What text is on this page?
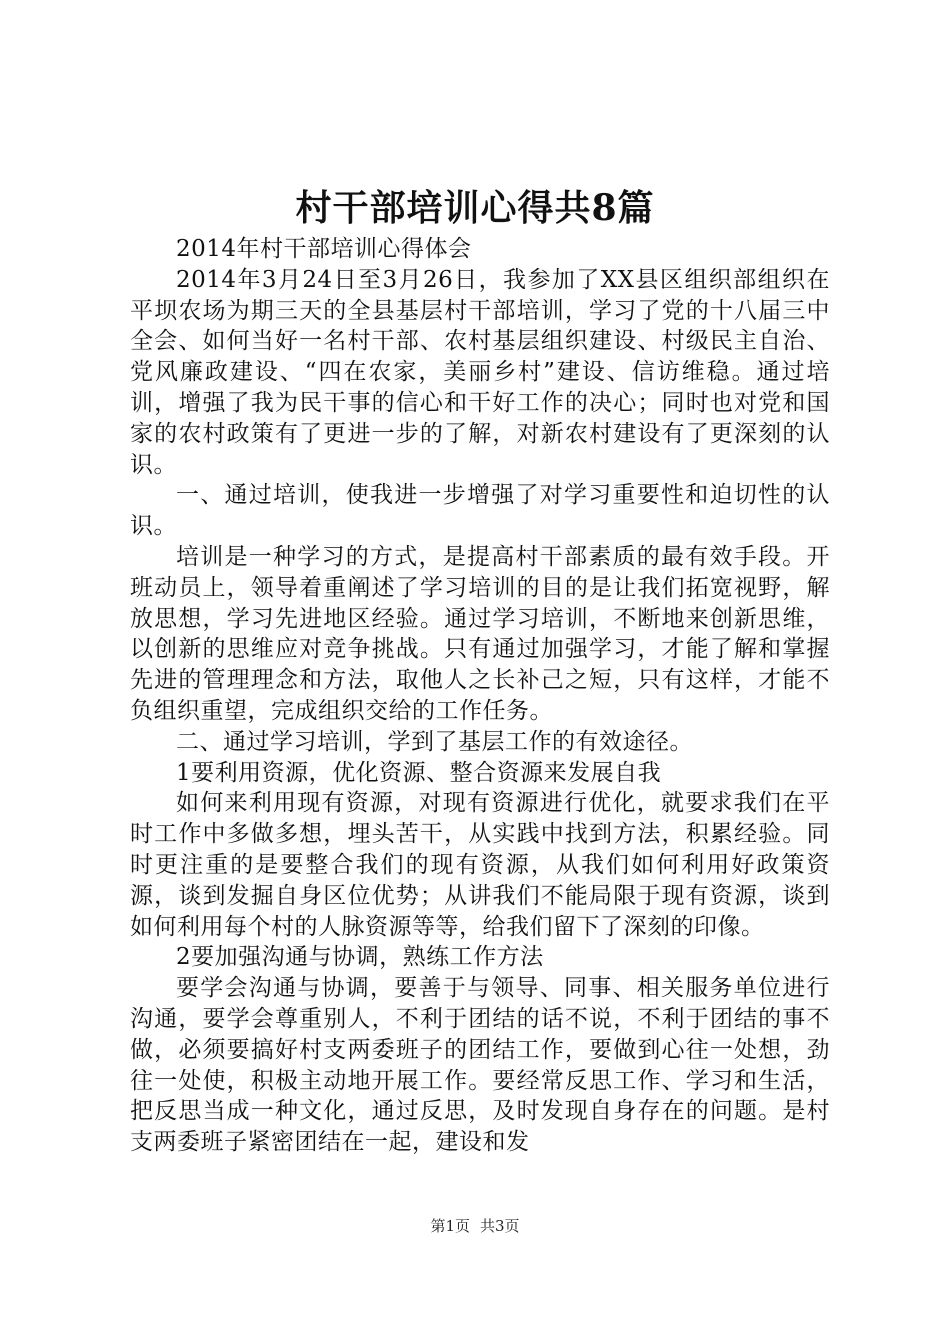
村干部培训心得共8篇

2014年村干部培训心得体会

2014年3月24日至3月26日，我参加了XX县区组织部组织在平坝农场为期三天的全县基层村干部培训，学习了党的十八届三中全会、如何当好一名村干部、农村基层组织建设、村级民主自治、党风廉政建设、“四在农家，美丽乡村”建设、信访维稳。通过培训，增强了我为民干事的信心和干好工作的决心；同时也对党和国家的农村政策有了更进一步的了解，对新农村建设有了更深刻的认识。

一、通过培训，使我进一步增强了对学习重要性和迫切性的认识。

培训是一种学习的方式，是提高村干部素质的最有效手段。开班动员上，领导着重阐述了学习培训的目的是让我们拓宽视野，解放思想，学习先进地区经验。通过学习培训，不断地来创新思维，以创新的思维应对竞争挑战。只有通过加强学习，才能了解和掌握先进的管理理念和方法，取他人之长补己之短，只有这样，才能不负组织重望，完成组织交给的工作任务。

二、通过学习培训，学到了基层工作的有效途径。

1要利用资源，优化资源、整合资源来发展自我

如何来利用现有资源，对现有资源进行优化，就要求我们在平时工作中多做多想，埋头苦干，从实践中找到方法，积累经验。同时更注重的是要整合我们的现有资源，从我们如何利用好政策资源，谈到发掘自身区位优势；从讲我们不能局限于现有资源，谈到如何利用每个村的人脉资源等等，给我们留下了深刻的印像。

2要加强沟通与协调，熟练工作方法

要学会沟通与协调，要善于与领导、同事、相关服务单位进行沟通，要学会尊重别人，不利于团结的话不说，不利于团结的事不做，必须要搞好村支两委班子的团结工作，要做到心往一处想，劲往一处使，积极主动地开展工作。要经常反思工作、学习和生活，把反思当成一种文化，通过反思，及时发现自身存在的问题。是村支两委班子紧密团结在一起，建设和发

第1页 共3页
